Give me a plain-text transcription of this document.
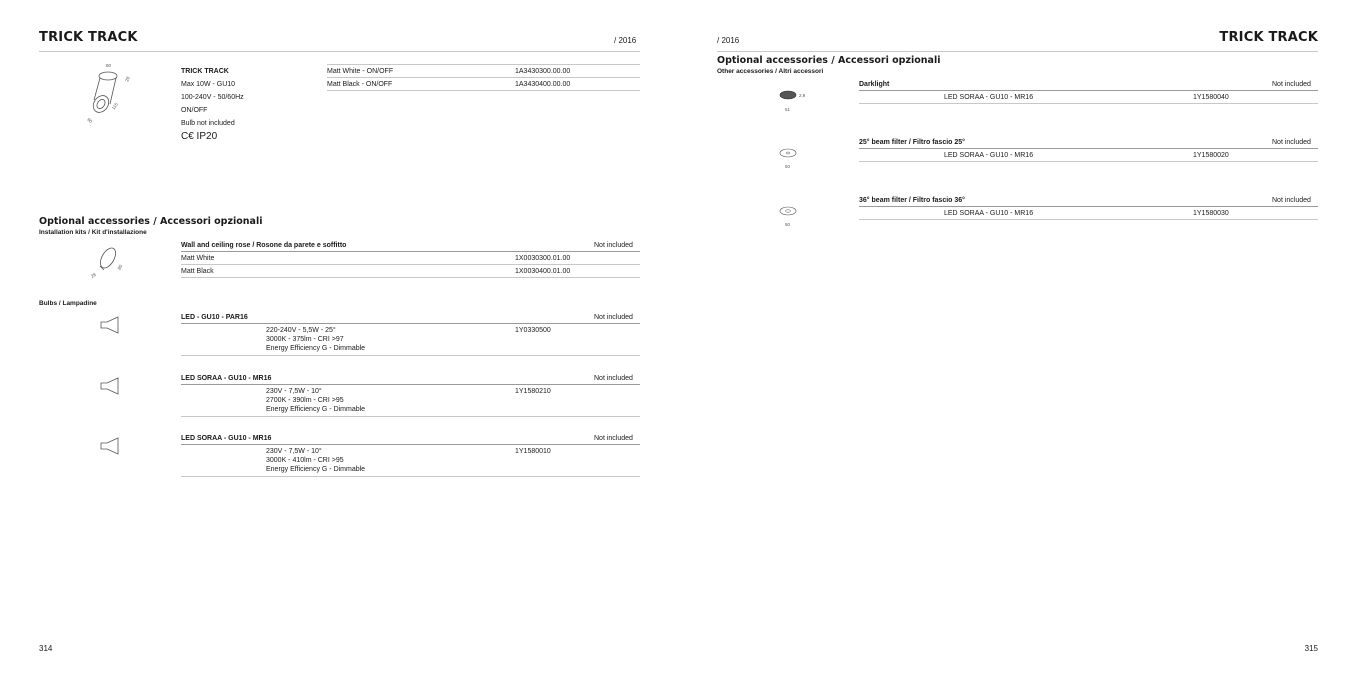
TRICK TRACK	/ 2016
80
28
115
60
TRICK TRACK
Max 10W - GU10
100-240V - 50/60Hz
ON/OFF
Bulb not included
C€ IP20
Matt White - ON/OFF	1A3430300.00.00
Matt Black - ON/OFF	1A3430400.00.00
Optional accessories / Accessori opzionali
Installation kits / Kit d'installazione
28
80
Wall and ceiling rose / Rosone da parete e soffitto	Not included
Matt White	1X0030300.01.00
Matt Black	1X0030400.01.00
Bulbs / Lampadine
LED - GU10 - PAR16	Not included
220-240V - 5,5W - 25°
3000K - 375lm - CRI >97
Energy Efficiency G - Dimmable
1Y0330500
LED SORAA - GU10 - MR16	Not included
230V - 7,5W - 10°
2700K - 390lm - CRI >95
Energy Efficiency G - Dimmable
1Y1580210
LED SORAA - GU10 - MR16	Not included
230V - 7,5W - 10°
3000K - 410lm - CRI >95
Energy Efficiency G - Dimmable
1Y1580010
314
/ 2016	TRICK TRACK
Optional accessories / Accessori opzionali
Other accessories / Altri accessori
2,9
51
Darklight	Not included
LED SORAA - GU10 - MR16	1Y1580040
50
25° beam filter / Filtro fascio 25°	Not included
LED SORAA - GU10 - MR16	1Y1580020
50
36° beam filter / Filtro fascio 36°	Not included
LED SORAA - GU10 - MR16	1Y1580030
315
